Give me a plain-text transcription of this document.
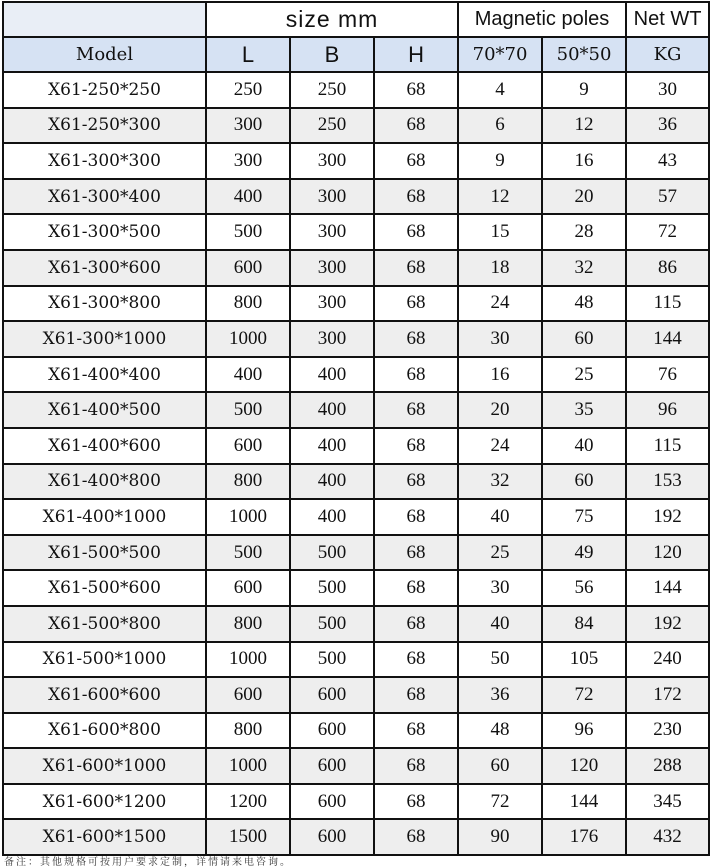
	size mm			Magnetic poles		Net WT
Model	L	B	H	70*70	50*50	KG
X61-250*250	250	250	68	4	9	30
X61-250*300	300	250	68	6	12	36
X61-300*300	300	300	68	9	16	43
X61-300*400	400	300	68	12	20	57
X61-300*500	500	300	68	15	28	72
X61-300*600	600	300	68	18	32	86
X61-300*800	800	300	68	24	48	115
X61-300*1000	1000	300	68	30	60	144
X61-400*400	400	400	68	16	25	76
X61-400*500	500	400	68	20	35	96
X61-400*600	600	400	68	24	40	115
X61-400*800	800	400	68	32	60	153
X61-400*1000	1000	400	68	40	75	192
X61-500*500	500	500	68	25	49	120
X61-500*600	600	500	68	30	56	144
X61-500*800	800	500	68	40	84	192
X61-500*1000	1000	500	68	50	105	240
X61-600*600	600	600	68	36	72	172
X61-600*800	800	600	68	48	96	230
X61-600*1000	1000	600	68	60	120	288
X61-600*1200	1200	600	68	72	144	345
X61-600*1500	1500	600	68	90	176	432
备注：其他规格可按用户要求定制，详情请来电咨询。
